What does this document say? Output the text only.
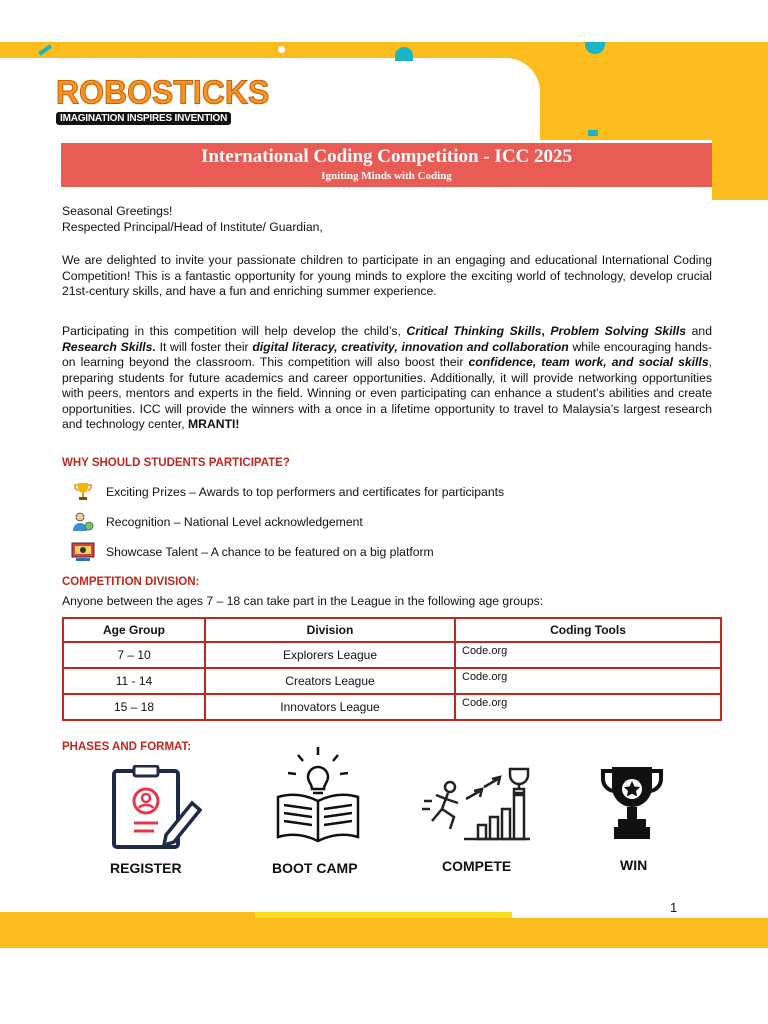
ROBOSTICKS
IMAGINATION INSPIRES INVENTION
International Coding Competition - ICC 2025
Igniting Minds with Coding
Seasonal Greetings!
Respected Principal/Head of Institute/ Guardian,
We are delighted to invite your passionate children to participate in an engaging and educational International Coding Competition! This is a fantastic opportunity for young minds to explore the exciting world of technology, develop crucial 21st-century skills, and have a fun and enriching summer experience.
Participating in this competition will help develop the child’s, Critical Thinking Skills, Problem Solving Skills and Research Skills. It will foster their digital literacy, creativity, innovation and collaboration while encouraging hands-on learning beyond the classroom. This competition will also boost their confidence, team work, and social skills, preparing students for future academics and career opportunities. Additionally, it will provide networking opportunities with peers, mentors and experts in the field. Winning or even participating can enhance a student’s abilities and create opportunities. ICC will provide the winners with a once in a lifetime opportunity to travel to Malaysia’s largest research and technology center, MRANTI!
WHY SHOULD STUDENTS PARTICIPATE?
Exciting Prizes – Awards to top performers and certificates for participants
Recognition – National Level acknowledgement
Showcase Talent – A chance to be featured on a big platform
COMPETITION DIVISION:
Anyone between the ages 7 – 18 can take part in the League in the following age groups:
Age Group	Division	Coding Tools
7 – 10	Explorers League	Code.org
11 - 14	Creators League	Code.org
15 – 18	Innovators League	Code.org
PHASES AND FORMAT:
REGISTER	BOOT CAMP	COMPETE	WIN
1
